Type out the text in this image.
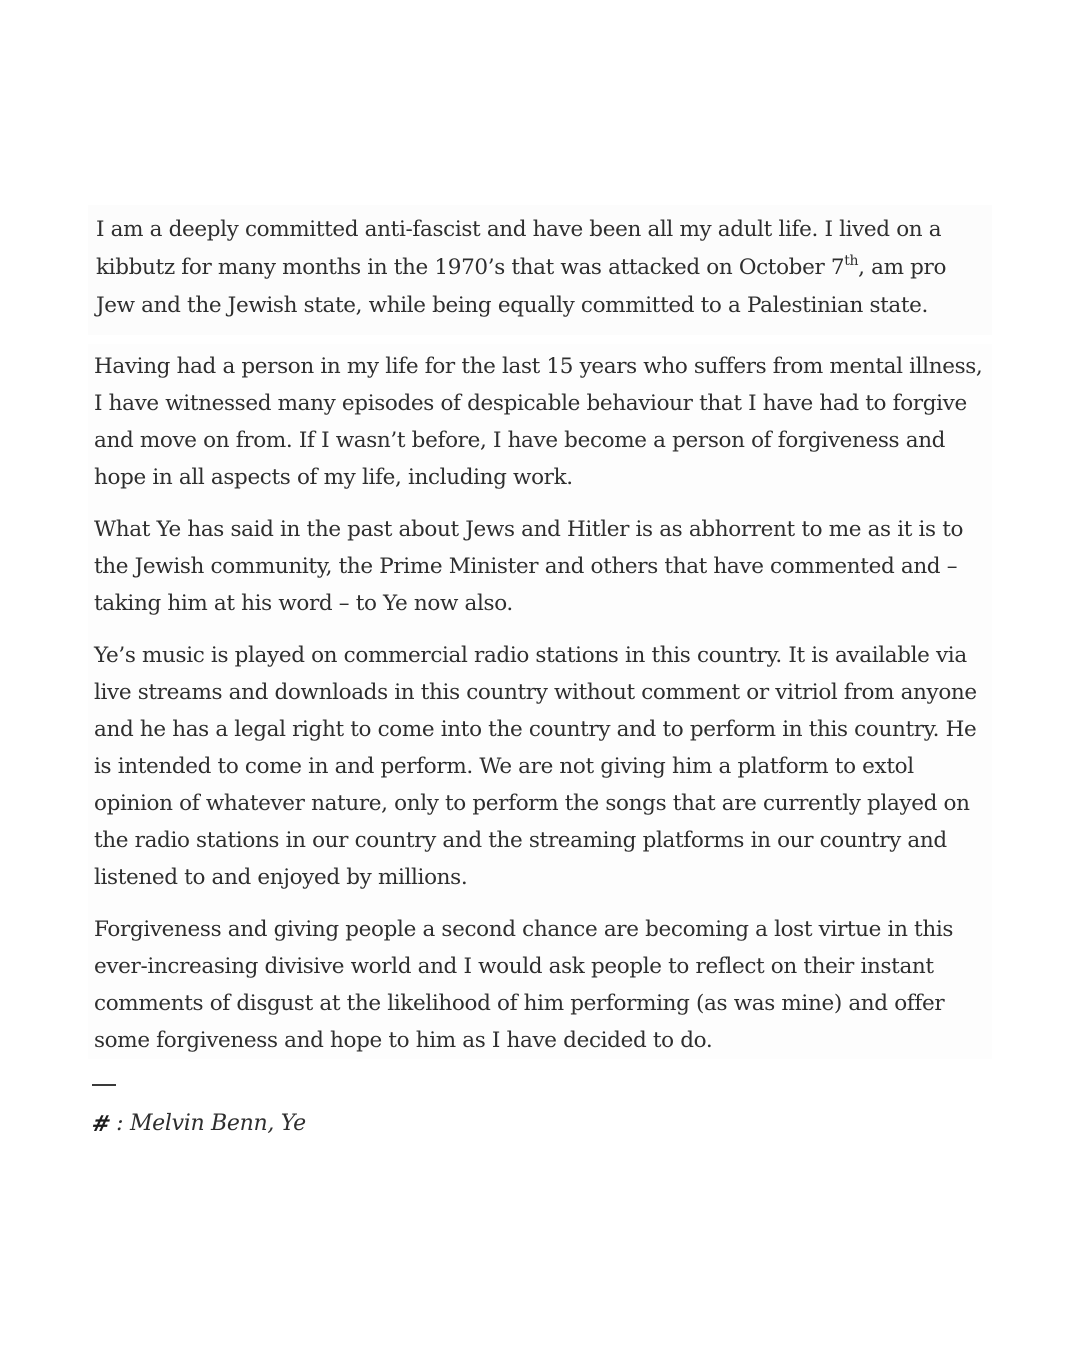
I am a deeply committed anti-fascist and have been all my adult life. I lived on a kibbutz for many months in the 1970’s that was attacked on October 7th, am pro Jew and the Jewish state, while being equally committed to a Palestinian state.

Having had a person in my life for the last 15 years who suffers from mental illness, I have witnessed many episodes of despicable behaviour that I have had to forgive and move on from. If I wasn’t before, I have become a person of forgiveness and hope in all aspects of my life, including work.

What Ye has said in the past about Jews and Hitler is as abhorrent to me as it is to the Jewish community, the Prime Minister and others that have commented and – taking him at his word – to Ye now also.

Ye’s music is played on commercial radio stations in this country. It is available via live streams and downloads in this country without comment or vitriol from anyone and he has a legal right to come into the country and to perform in this country. He is intended to come in and perform. We are not giving him a platform to extol opinion of whatever nature, only to perform the songs that are currently played on the radio stations in our country and the streaming platforms in our country and listened to and enjoyed by millions.

Forgiveness and giving people a second chance are becoming a lost virtue in this ever-increasing divisive world and I would ask people to reflect on their instant comments of disgust at the likelihood of him performing (as was mine) and offer some forgiveness and hope to him as I have decided to do.

# : Melvin Benn, Ye
